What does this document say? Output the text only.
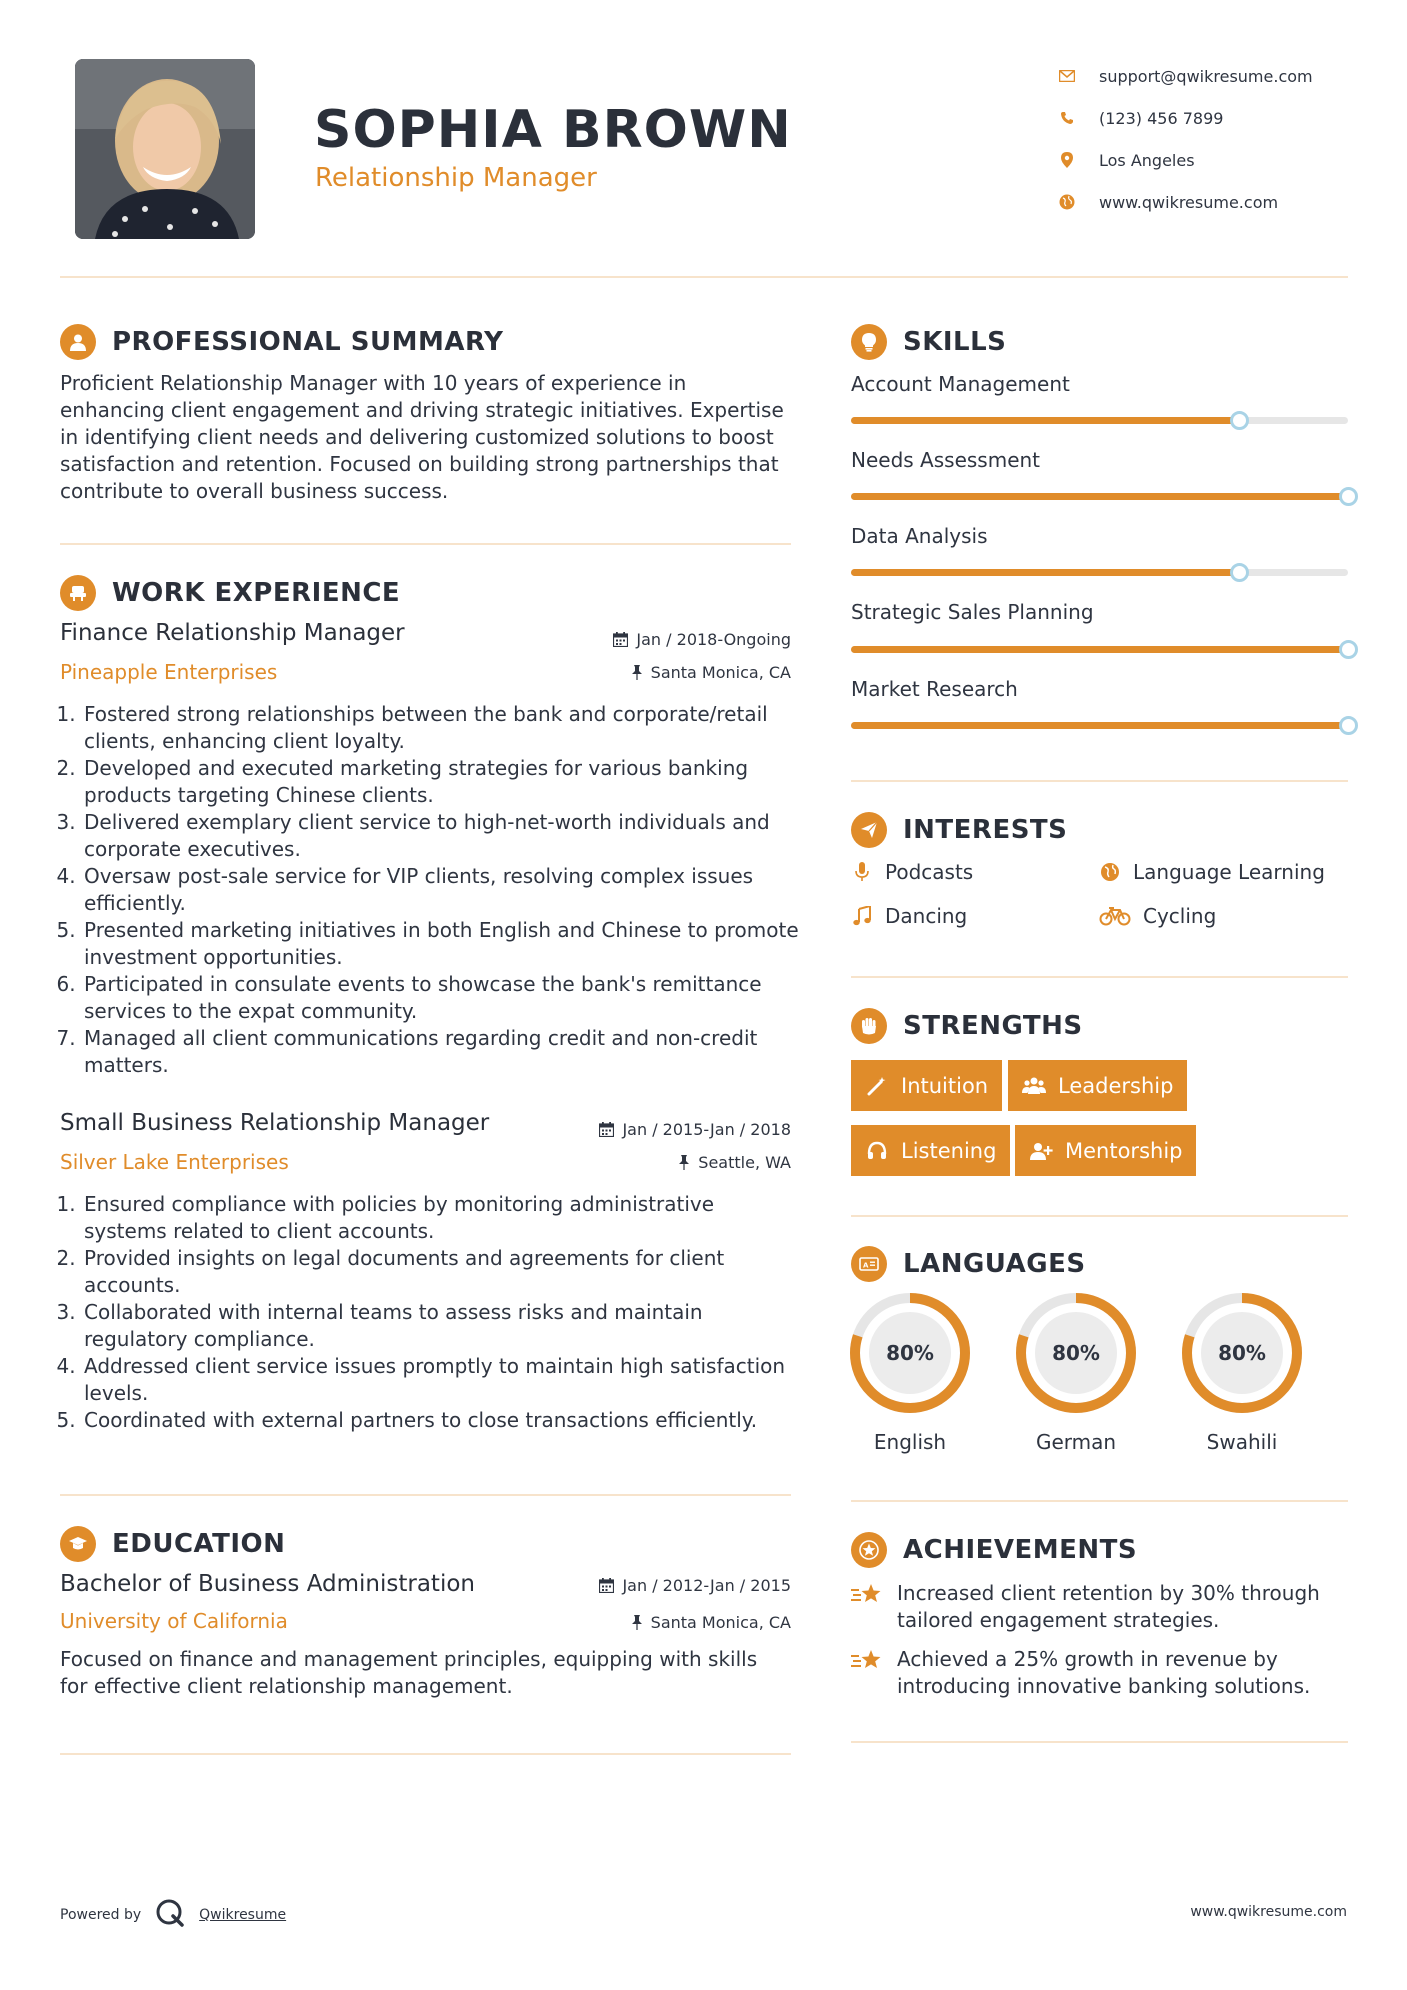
SOPHIA BROWN
Relationship Manager
support@qwikresume.com
(123) 456 7899
Los Angeles
www.qwikresume.com
PROFESSIONAL SUMMARY
Proficient Relationship Manager with 10 years of experience in enhancing client engagement and driving strategic initiatives. Expertise in identifying client needs and delivering customized solutions to boost satisfaction and retention. Focused on building strong partnerships that contribute to overall business success.
WORK EXPERIENCE
Finance Relationship Manager	Jan / 2018-Ongoing
Pineapple Enterprises	Santa Monica, CA
1. Fostered strong relationships between the bank and corporate/retail clients, enhancing client loyalty.
2. Developed and executed marketing strategies for various banking products targeting Chinese clients.
3. Delivered exemplary client service to high-net-worth individuals and corporate executives.
4. Oversaw post-sale service for VIP clients, resolving complex issues efficiently.
5. Presented marketing initiatives in both English and Chinese to promote investment opportunities.
6. Participated in consulate events to showcase the bank's remittance services to the expat community.
7. Managed all client communications regarding credit and non-credit matters.
Small Business Relationship Manager	Jan / 2015-Jan / 2018
Silver Lake Enterprises	Seattle, WA
1. Ensured compliance with policies by monitoring administrative systems related to client accounts.
2. Provided insights on legal documents and agreements for client accounts.
3. Collaborated with internal teams to assess risks and maintain regulatory compliance.
4. Addressed client service issues promptly to maintain high satisfaction levels.
5. Coordinated with external partners to close transactions efficiently.
EDUCATION
Bachelor of Business Administration	Jan / 2012-Jan / 2015
University of California	Santa Monica, CA
Focused on finance and management principles, equipping with skills for effective client relationship management.
SKILLS
Account Management
Needs Assessment
Data Analysis
Strategic Sales Planning
Market Research
INTERESTS
Podcasts	Language Learning
Dancing	Cycling
STRENGTHS
Intuition	Leadership
Listening	Mentorship
A LANGUAGES
80%
English
80%
German
80%
Swahili
ACHIEVEMENTS
Increased client retention by 30% through tailored engagement strategies.
Achieved a 25% growth in revenue by introducing innovative banking solutions.
Powered by	Qwikresume	www.qwikresume.com
